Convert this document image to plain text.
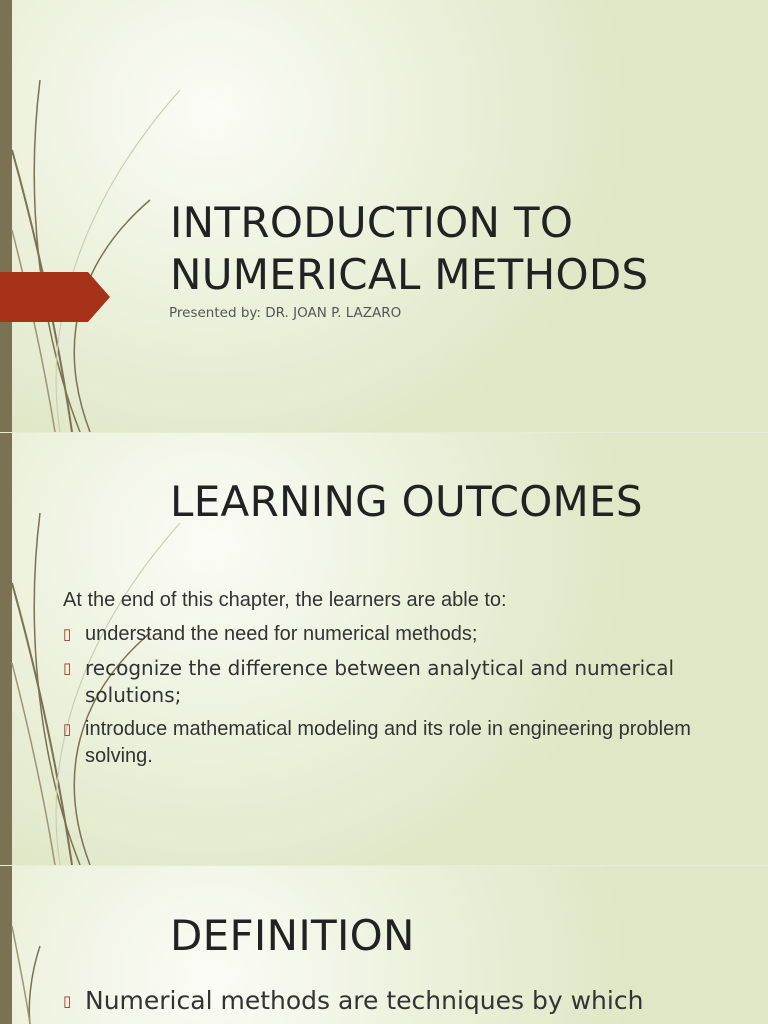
INTRODUCTION TO NUMERICAL METHODS
Presented by: DR. JOAN P. LAZARO
LEARNING OUTCOMES

At the end of this chapter, the learners are able to:

▯ understand the need for numerical methods;
▯ recognize the difference between analytical and numerical solutions;
▯ introduce mathematical modeling and its role in engineering problem solving.
DEFINITION
▯ Numerical methods are techniques by which
